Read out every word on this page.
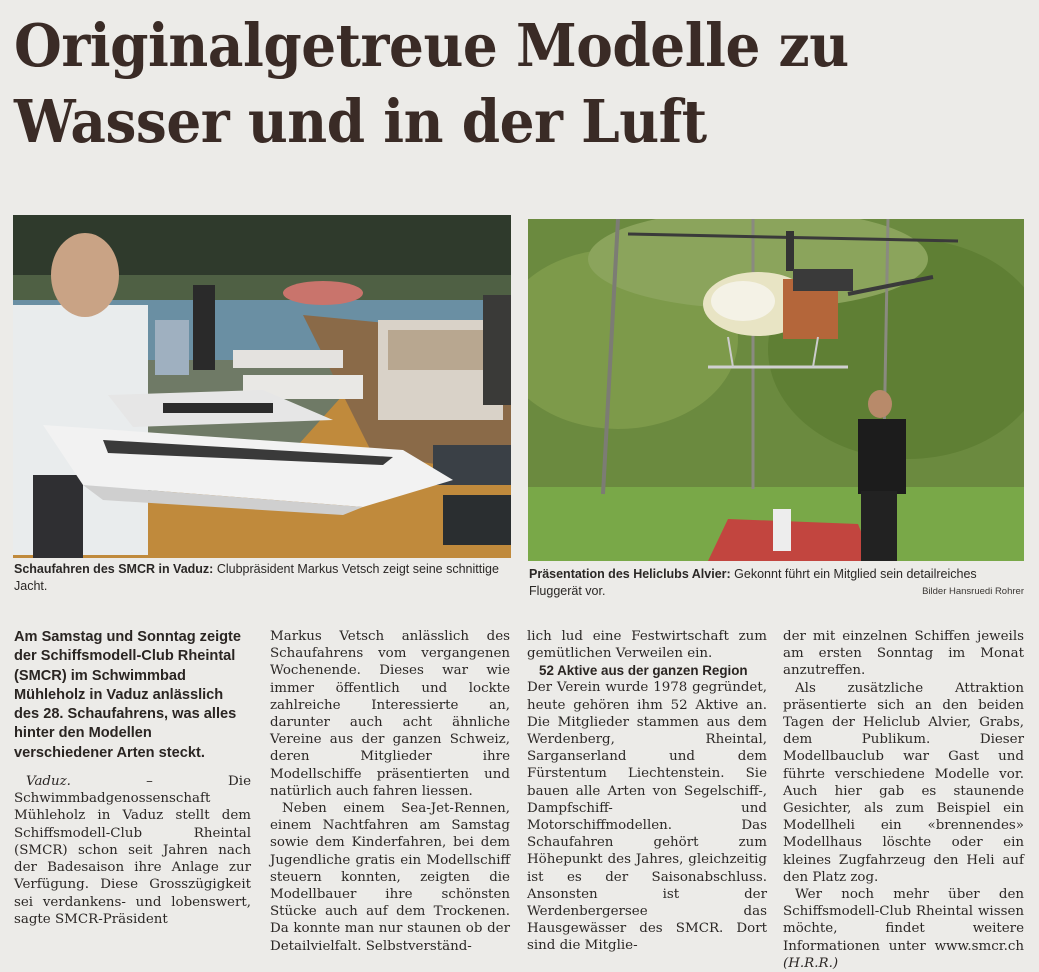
Originalgetreue Modelle zu
Wasser und in der Luft
Schaufahren des SMCR in Vaduz: Clubpräsident Markus Vetsch zeigt seine schnittige Jacht.
Präsentation des Heliclubs Alvier: Gekonnt führt ein Mitglied sein detailreiches Fluggerät vor.	Bilder Hansruedi Rohrer

Am Samstag und Sonntag zeigte der Schiffsmodell-Club Rheintal (SMCR) im Schwimmbad Mühleholz in Vaduz anlässlich des 28. Schaufahrens, was alles hinter den Modellen verschiedener Arten steckt.

Vaduz. – Die Schwimmbadgenossenschaft Mühleholz in Vaduz stellt dem Schiffsmodell-Club Rheintal (SMCR) schon seit Jahren nach der Badesaison ihre Anlage zur Verfügung. Diese Grosszügigkeit sei verdankens- und lobenswert, sagte SMCR-Präsident

Markus Vetsch anlässlich des Schaufahrens vom vergangenen Wochenende. Dieses war wie immer öffentlich und lockte zahlreiche Interessierte an, darunter auch acht ähnliche Vereine aus der ganzen Schweiz, deren Mitglieder ihre Modellschiffe präsentierten und natürlich auch fahren liessen.

Neben einem Sea-Jet-Rennen, einem Nachtfahren am Samstag sowie dem Kinderfahren, bei dem Jugendliche gratis ein Modellschiff steuern konnten, zeigten die Modellbauer ihre schönsten Stücke auch auf dem Trockenen. Da konnte man nur staunen ob der Detailvielfalt. Selbstverständ-

lich lud eine Festwirtschaft zum gemütlichen Verweilen ein.

52 Aktive aus der ganzen Region

Der Verein wurde 1978 gegründet, heute gehören ihm 52 Aktive an. Die Mitglieder stammen aus dem Werdenberg, Rheintal, Sarganserland und dem Fürstentum Liechtenstein. Sie bauen alle Arten von Segelschiff-, Dampfschiff- und Motorschiffmodellen. Das Schaufahren gehört zum Höhepunkt des Jahres, gleichzeitig ist es der Saisonabschluss. Ansonsten ist der Werdenbergersee das Hausgewässer des SMCR. Dort sind die Mitglie-

der mit einzelnen Schiffen jeweils am ersten Sonntag im Monat anzutreffen.

Als zusätzliche Attraktion präsentierte sich an den beiden Tagen der Heliclub Alvier, Grabs, dem Publikum. Dieser Modellbauclub war Gast und führte verschiedene Modelle vor. Auch hier gab es staunende Gesichter, als zum Beispiel ein Modellheli ein «brennendes» Modellhaus löschte oder ein kleines Zugfahrzeug den Heli auf den Platz zog.

Wer noch mehr über den Schiffsmodell-Club Rheintal wissen möchte, findet weitere Informationen unter www.smcr.ch (H.R.R.)
